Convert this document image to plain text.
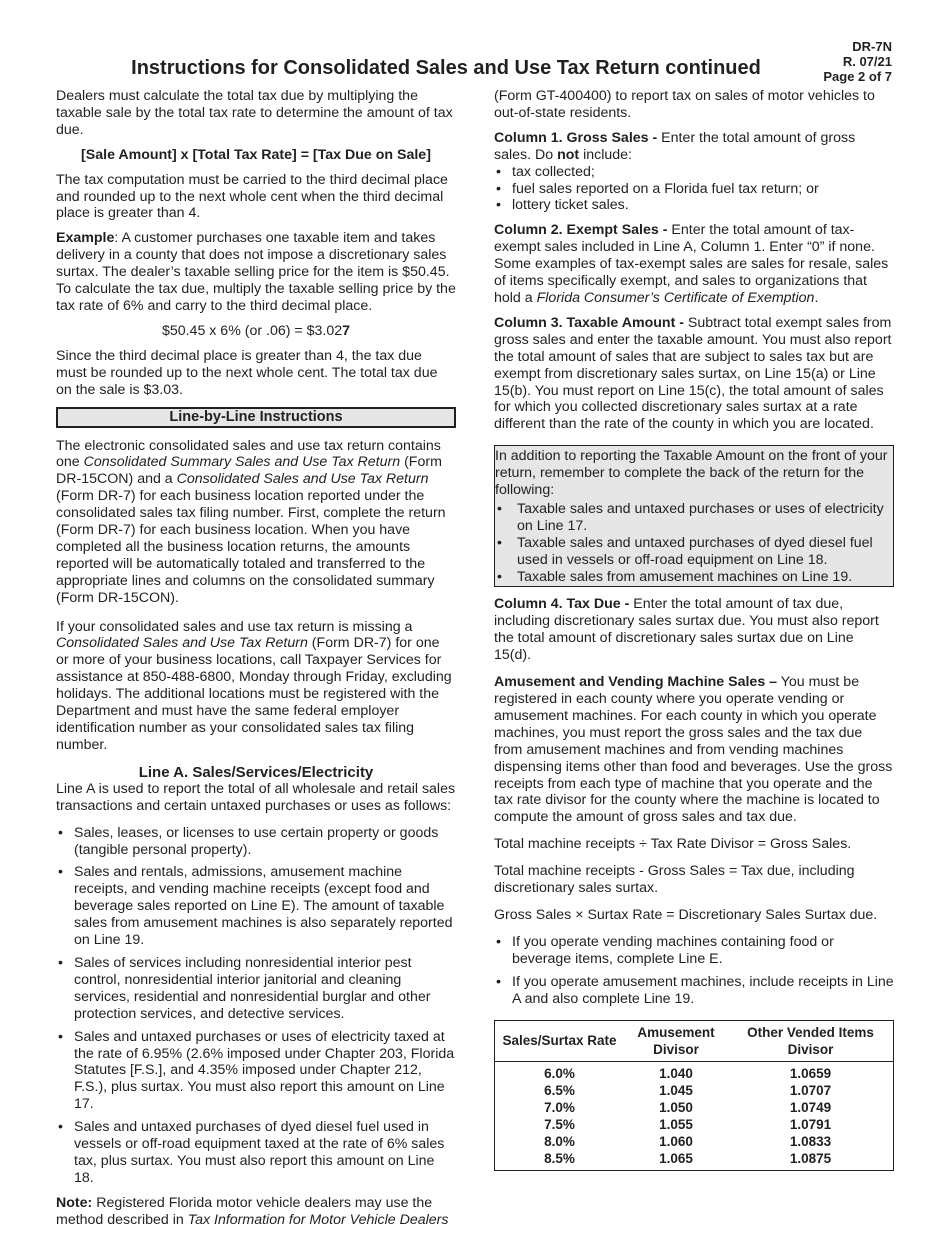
DR-7N
R. 07/21
Page 2 of 7
Instructions for Consolidated Sales and Use Tax Return continued

Dealers must calculate the total tax due by multiplying the taxable sale by the total tax rate to determine the amount of tax due.

[Sale Amount] x [Total Tax Rate] = [Tax Due on Sale]

The tax computation must be carried to the third decimal place and rounded up to the next whole cent when the third decimal place is greater than 4.

Example: A customer purchases one taxable item and takes delivery in a county that does not impose a discretionary sales surtax. The dealer’s taxable selling price for the item is $50.45. To calculate the tax due, multiply the taxable selling price by the tax rate of 6% and carry to the third decimal place.

$50.45 x 6% (or .06) = $3.027

Since the third decimal place is greater than 4, the tax due must be rounded up to the next whole cent. The total tax due on the sale is $3.03.

Line-by-Line Instructions

The electronic consolidated sales and use tax return contains one Consolidated Summary Sales and Use Tax Return (Form DR-15CON) and a Consolidated Sales and Use Tax Return (Form DR-7) for each business location reported under the consolidated sales tax filing number. First, complete the return (Form DR-7) for each business location. When you have completed all the business location returns, the amounts reported will be automatically totaled and transferred to the appropriate lines and columns on the consolidated summary (Form DR-15CON).

If your consolidated sales and use tax return is missing a Consolidated Sales and Use Tax Return (Form DR-7) for one or more of your business locations, call Taxpayer Services for assistance at 850-488-6800, Monday through Friday, excluding holidays. The additional locations must be registered with the Department and must have the same federal employer identification number as your consolidated sales tax filing number.

Line A. Sales/Services/Electricity

Line A is used to report the total of all wholesale and retail sales transactions and certain untaxed purchases or uses as follows:

• Sales, leases, or licenses to use certain property or goods (tangible personal property).
• Sales and rentals, admissions, amusement machine receipts, and vending machine receipts (except food and beverage sales reported on Line E). The amount of taxable sales from amusement machines is also separately reported on Line 19.
• Sales of services including nonresidential interior pest control, nonresidential interior janitorial and cleaning services, residential and nonresidential burglar and other protection services, and detective services.
• Sales and untaxed purchases or uses of electricity taxed at the rate of 6.95% (2.6% imposed under Chapter 203, Florida Statutes [F.S.], and 4.35% imposed under Chapter 212, F.S.), plus surtax. You must also report this amount on Line 17.
• Sales and untaxed purchases of dyed diesel fuel used in vessels or off-road equipment taxed at the rate of 6% sales tax, plus surtax. You must also report this amount on Line 18.

Note: Registered Florida motor vehicle dealers may use the method described in Tax Information for Motor Vehicle Dealers

(Form GT-400400) to report tax on sales of motor vehicles to out-of-state residents.

Column 1. Gross Sales - Enter the total amount of gross sales. Do not include:

• tax collected;
• fuel sales reported on a Florida fuel tax return; or
• lottery ticket sales.

Column 2. Exempt Sales - Enter the total amount of tax-exempt sales included in Line A, Column 1. Enter “0” if none. Some examples of tax-exempt sales are sales for resale, sales of items specifically exempt, and sales to organizations that hold a Florida Consumer’s Certificate of Exemption.

Column 3. Taxable Amount - Subtract total exempt sales from gross sales and enter the taxable amount. You must also report the total amount of sales that are subject to sales tax but are exempt from discretionary sales surtax, on Line 15(a) or Line 15(b). You must report on Line 15(c), the total amount of sales for which you collected discretionary sales surtax at a rate different than the rate of the county in which you are located.

In addition to reporting the Taxable Amount on the front of your return, remember to complete the back of the return for the following:

• Taxable sales and untaxed purchases or uses of electricity on Line 17.
• Taxable sales and untaxed purchases of dyed diesel fuel used in vessels or off-road equipment on Line 18.
• Taxable sales from amusement machines on Line 19.

Column 4. Tax Due - Enter the total amount of tax due, including discretionary sales surtax due. You must also report the total amount of discretionary sales surtax due on Line 15(d).

Amusement and Vending Machine Sales – You must be registered in each county where you operate vending or amusement machines. For each county in which you operate machines, you must report the gross sales and the tax due from amusement machines and from vending machines dispensing items other than food and beverages. Use the gross receipts from each type of machine that you operate and the tax rate divisor for the county where the machine is located to compute the amount of gross sales and tax due.

Total machine receipts ÷ Tax Rate Divisor = Gross Sales.

Total machine receipts - Gross Sales = Tax due, including discretionary sales surtax.

Gross Sales × Surtax Rate = Discretionary Sales Surtax due.

• If you operate vending machines containing food or beverage items, complete Line E.
• If you operate amusement machines, include receipts in Line A and also complete Line 19.
Sales/Surtax Rate	Amusement Divisor	Other Vended Items Divisor
6.0%	1.040	1.0659
6.5%	1.045	1.0707
7.0%	1.050	1.0749
7.5%	1.055	1.0791
8.0%	1.060	1.0833
8.5%	1.065	1.0875
